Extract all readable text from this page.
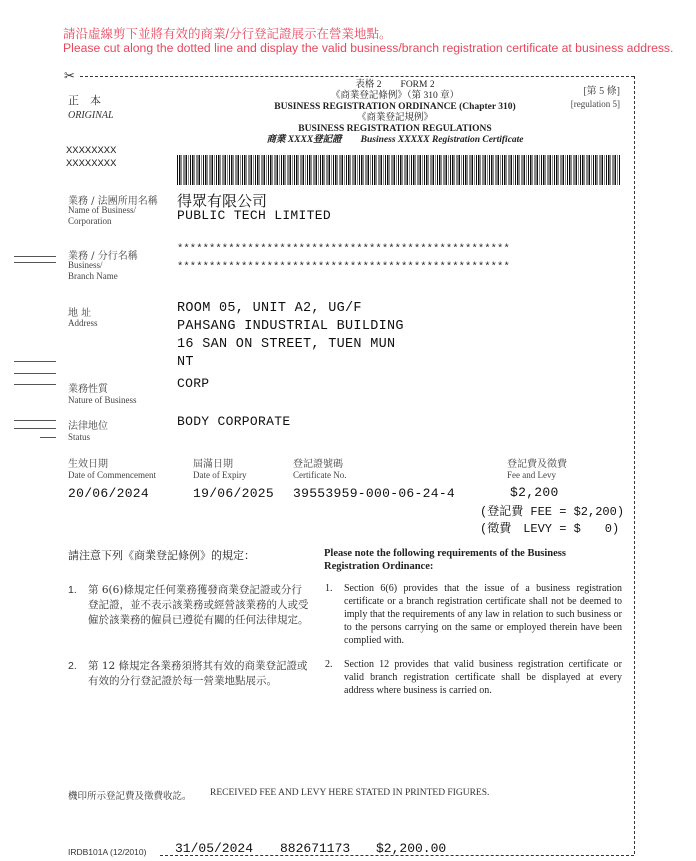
請沿虛線剪下並將有效的商業/分行登記證展示在營業地點。
Please cut along the dotted line and display the valid business/branch registration certificate at business address.
✂
正　本
ORIGINAL
表格 2　　FORM 2
《商業登記條例》（第 310 章）
BUSINESS REGISTRATION ORDINANCE (Chapter 310)
《商業登記規例》
BUSINESS REGISTRATION REGULATIONS
商業 XXXX登記證　　Business XXXXX Registration Certificate
[第 5 條]
[regulation 5]
XXXXXXXX
XXXXXXXX
業務 / 法團所用名稱
Name of Business/
Corporation
得眾有限公司
PUBLIC TECH LIMITED
業務 / 分行名稱
Business/
Branch Name
****************************************************
****************************************************
地 址
Address
ROOM 05, UNIT A2, UG/F
PAHSANG INDUSTRIAL BUILDING
16 SAN ON STREET, TUEN MUN
NT
業務性質
Nature of Business
CORP
法律地位
Status
BODY CORPORATE
生效日期
Date of Commencement
20/06/2024
屆滿日期
Date of Expiry
19/06/2025
登記證號碼
Certificate No.
39553959-000-06-24-4
登記費及徵費
Fee and Levy
$2,200
(登記費 FEE = $2,200)
(徵費　LEVY = $　　0)
請注意下列《商業登記條例》的規定：	Please note the following requirements of the Business Registration Ordinance:
1. 第 6(6)條規定任何業務獲發商業登記證或分行登記證，並不表示該業務或經營該業務的人或受僱於該業務的僱員已遵從有關的任何法律規定。
1. Section 6(6) provides that the issue of a business registration certificate or a branch registration certificate shall not be deemed to imply that the requirements of any law in relation to such business or to the persons carrying on the same or employed therein have been complied with.
2. 第 12 條規定各業務須將其有效的商業登記證或有效的分行登記證於每一營業地點展示。
2. Section 12 provides that valid business registration certificate or valid branch registration certificate shall be displayed at every address where business is carried on.
機印所示登記費及徵費收訖。 RECEIVED FEE AND LEVY HERE STATED IN PRINTED FIGURES.
IRDB101A (12/2010) 31/05/2024 882671173 $2,200.00
